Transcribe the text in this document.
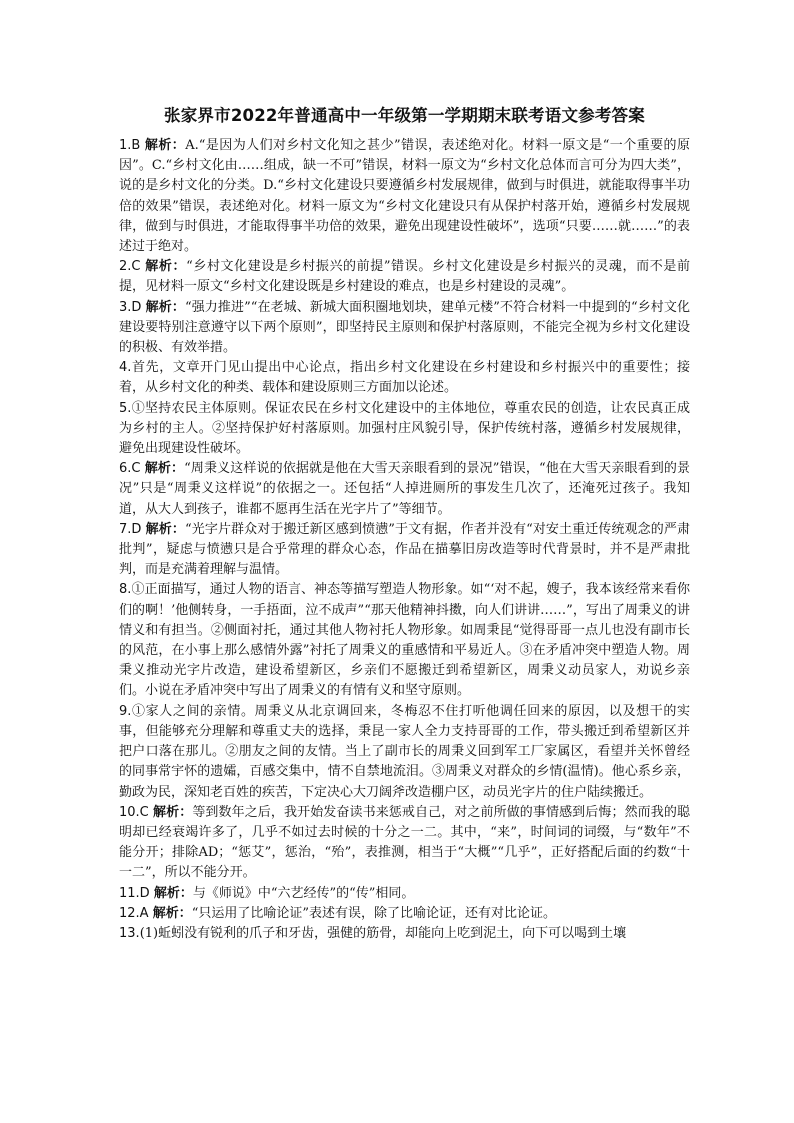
张家界市2022年普通高中一年级第一学期期末联考语文参考答案

1.B 解析：A.“是因为人们对乡村文化知之甚少”错误，表述绝对化。材料一原文是“一个重要的原因”。C.“乡村文化由……组成，缺一不可”错误，材料一原文为“乡村文化总体而言可分为四大类”，说的是乡村文化的分类。D.“乡村文化建设只要遵循乡村发展规律，做到与时俱进，就能取得事半功倍的效果”错误，表述绝对化。材料一原文为“乡村文化建设只有从保护村落开始，遵循乡村发展规律，做到与时俱进，才能取得事半功倍的效果，避免出现建设性破坏”，选项“只要……就……”的表述过于绝对。

2.C 解析：“乡村文化建设是乡村振兴的前提”错误。乡村文化建设是乡村振兴的灵魂，而不是前提，见材料一原文“乡村文化建设既是乡村建设的难点，也是乡村建设的灵魂”。

3.D 解析：“强力推进”“在老城、新城大面积圈地划块，建单元楼”不符合材料一中提到的“乡村文化建设要特别注意遵守以下两个原则”，即坚持民主原则和保护村落原则，不能完全视为乡村文化建设的积极、有效举措。

4.首先，文章开门见山提出中心论点，指出乡村文化建设在乡村建设和乡村振兴中的重要性；接着，从乡村文化的种类、载体和建设原则三方面加以论述。

5.①坚持农民主体原则。保证农民在乡村文化建设中的主体地位，尊重农民的创造，让农民真正成为乡村的主人。②坚持保护好村落原则。加强村庄风貌引导，保护传统村落，遵循乡村发展规律，避免出现建设性破坏。

6.C 解析：“周秉义这样说的依据就是他在大雪天亲眼看到的景况”错误，“他在大雪天亲眼看到的景况”只是“周秉义这样说”的依据之一。还包括“人掉进厕所的事发生几次了，还淹死过孩子。我知道，从大人到孩子，谁都不愿再生活在光字片了”等细节。

7.D 解析：“光字片群众对于搬迁新区感到愤懑”于文有据，作者并没有“对安土重迁传统观念的严肃批判”，疑虑与愤懑只是合乎常理的群众心态，作品在描摹旧房改造等时代背景时，并不是严肃批判，而是充满着理解与温情。

8.①正面描写，通过人物的语言、神态等描写塑造人物形象。如“‘对不起，嫂子，我本该经常来看你们的啊！’他侧转身，一手捂面，泣不成声”“那天他精神抖擞，向人们讲讲……”，写出了周秉义的讲情义和有担当。②侧面衬托，通过其他人物衬托人物形象。如周秉昆“觉得哥哥一点儿也没有副市长的风范，在小事上那么感情外露”衬托了周秉义的重感情和平易近人。③在矛盾冲突中塑造人物。周秉义推动光字片改造，建设希望新区，乡亲们不愿搬迁到希望新区，周秉义动员家人，劝说乡亲们。小说在矛盾冲突中写出了周秉义的有情有义和坚守原则。

9.①家人之间的亲情。周秉义从北京调回来，冬梅忍不住打听他调任回来的原因，以及想干的实事，但能够充分理解和尊重丈夫的选择，秉昆一家人全力支持哥哥的工作，带头搬迁到希望新区并把户口落在那儿。②朋友之间的友情。当上了副市长的周秉义回到军工厂家属区，看望并关怀曾经的同事常宇怀的遗孀，百感交集中，情不自禁地流泪。③周秉义对群众的乡情(温情)。他心系乡亲，勤政为民，深知老百姓的疾苦，下定决心大刀阔斧改造棚户区，动员光字片的住户陆续搬迁。

10.C 解析：等到数年之后，我开始发奋读书来惩戒自己，对之前所做的事情感到后悔；然而我的聪明却已经衰竭许多了，几乎不如过去时候的十分之一二。其中，“来”，时间词的词缀，与“数年”不能分开；排除AD；“惩艾”，惩治，“殆”，表推测，相当于“大概”“几乎”，正好搭配后面的约数“十一二”，所以不能分开。

11.D 解析：与《师说》中“六艺经传”的“传”相同。

12.A 解析：“只运用了比喻论证”表述有误，除了比喻论证，还有对比论证。

13.(1)蚯蚓没有锐利的爪子和牙齿，强健的筋骨，却能向上吃到泥土，向下可以喝到土壤
